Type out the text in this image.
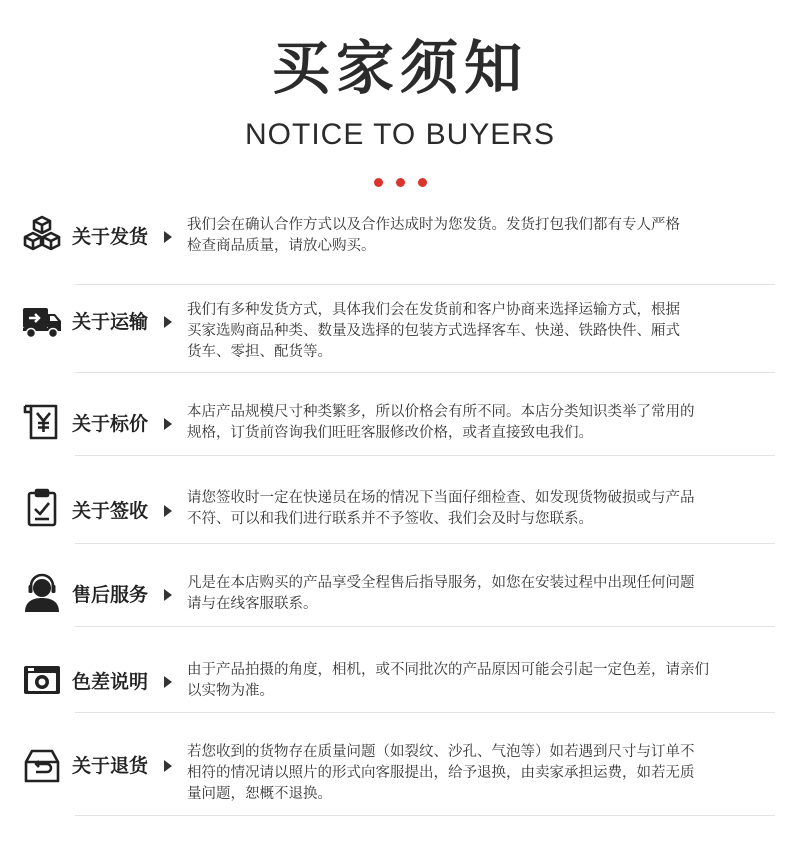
买家须知
NOTICE TO BUYERS
关于发货
我们会在确认合作方式以及合作达成时为您发货。发货打包我们都有专人严格
检查商品质量，请放心购买。
关于运输
我们有多种发货方式，具体我们会在发货前和客户协商来选择运输方式，根据
买家选购商品种类、数量及选择的包装方式选择客车、快递、铁路快件、厢式
货车、零担、配货等。
关于标价
本店产品规模尺寸种类繁多，所以价格会有所不同。本店分类知识类举了常用的
规格，订货前咨询我们旺旺客服修改价格，或者直接致电我们。
关于签收
请您签收时一定在快递员在场的情况下当面仔细检查、如发现货物破损或与产品
不符、可以和我们进行联系并不予签收、我们会及时与您联系。
售后服务
凡是在本店购买的产品享受全程售后指导服务，如您在安装过程中出现任何问题
请与在线客服联系。
色差说明
由于产品拍摄的角度，相机，或不同批次的产品原因可能会引起一定色差，请亲们
以实物为准。
关于退货
若您收到的货物存在质量问题（如裂纹、沙孔、气泡等）如若遇到尺寸与订单不
相符的情况请以照片的形式向客服提出，给予退换，由卖家承担运费，如若无质
量问题，恕概不退换。
